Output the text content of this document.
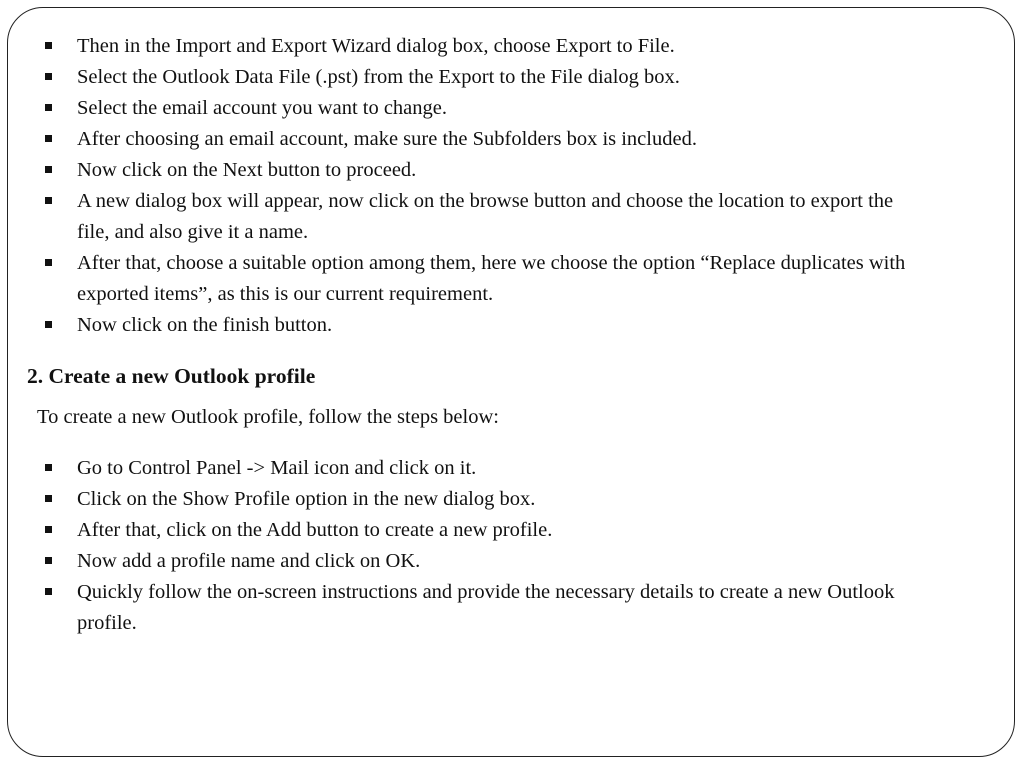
Then in the Import and Export Wizard dialog box, choose Export to File.
Select the Outlook Data File (.pst) from the Export to the File dialog box.
Select the email account you want to change.
After choosing an email account, make sure the Subfolders box is included.
Now click on the Next button to proceed.
A new dialog box will appear, now click on the browse button and choose the location to export the file, and also give it a name.
After that, choose a suitable option among them, here we choose the option “Replace duplicates with exported items”, as this is our current requirement.
Now click on the finish button.
2. Create a new Outlook profile
To create a new Outlook profile, follow the steps below:
Go to Control Panel -> Mail icon and click on it.
Click on the Show Profile option in the new dialog box.
After that, click on the Add button to create a new profile.
Now add a profile name and click on OK.
Quickly follow the on-screen instructions and provide the necessary details to create a new Outlook profile.
